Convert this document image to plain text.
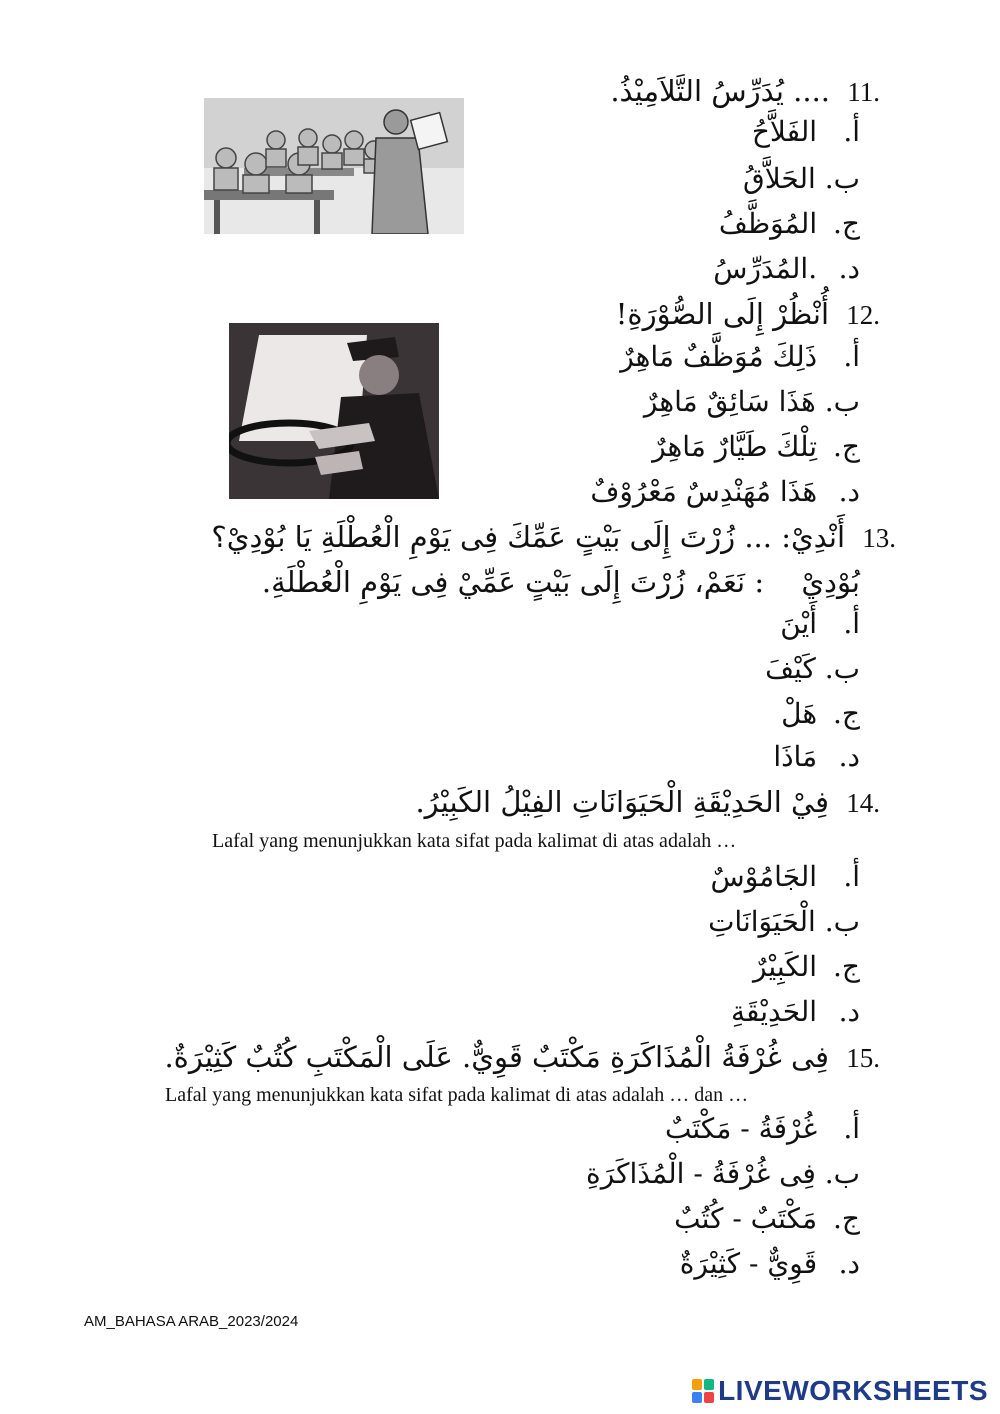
11. .... يُدَرِّسُ التَّلاَمِيْذُ.
أ. الفَلاَّحُ
ب. الحَلاَّقُ
ج. المُوَظَّفُ
د. .المُدَرِّسُ
12. أُنْظُرْ إِلَى الصُّوْرَةِ!
أ. ذَلِكَ مُوَظَّفٌ مَاهِرٌ
ب. هَذَا سَائِقٌ مَاهِرٌ
ج. تِلْكَ طَيَّارٌ مَاهِرٌ
د. هَذَا مُهَنْدِسٌ مَعْرُوْفٌ
13. أَنْدِيْ: ... زُرْتَ إِلَى بَيْتٍ عَمِّكَ فِى يَوْمِ الْعُطْلَةِ يَا بُوْدِيْ؟
بُوْدِيْ : نَعَمْ، زُرْتَ إِلَى بَيْتٍ عَمِّيْ فِى يَوْمِ الْعُطْلَةِ.
أ. أَيْنَ
ب. كَيْفَ
ج. هَلْ
د. مَاذَا
14. فِيْ الحَدِيْقَةِ الْحَيَوَانَاتِ الفِيْلُ الكَبِيْرُ.
Lafal yang menunjukkan kata sifat pada kalimat di atas adalah …
أ. الجَامُوْسٌ
ب. الْحَيَوَانَاتِ
ج. الكَبِيْرٌ
د. الحَدِيْقَةِ
15. فِى غُرْفَةُ الْمُذَاكَرَةِ مَكْتَبٌ قَوِيٌّ. عَلَى الْمَكْتَبِ كُتُبٌ كَثِيْرَةٌ.
Lafal yang menunjukkan kata sifat pada kalimat di atas adalah … dan …
أ. غُرْفَةُ - مَكْتَبٌ
ب. فِى غُرْفَةُ - الْمُذَاكَرَةِ
ج. مَكْتَبٌ - كُتُبٌ
د. قَوِيٌّ - كَثِيْرَةٌ
AM_BAHASA ARAB_2023/2024
LIVEWORKSHEETS
